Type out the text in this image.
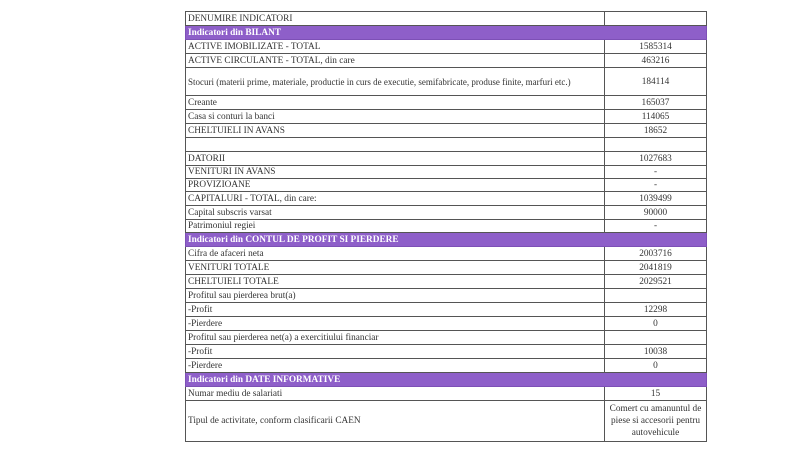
DENUMIRE INDICATORI	
Indicatori din BILANT	
ACTIVE IMOBILIZATE - TOTAL	1585314
ACTIVE CIRCULANTE - TOTAL, din care	463216
Stocuri (materii prime, materiale, productie in curs de executie, semifabricate, produse finite, marfuri etc.)	184114
Creante	165037
Casa si conturi la banci	114065
CHELTUIELI IN AVANS	18652

DATORII	1027683
VENITURI IN AVANS	-
PROVIZIOANE	-
CAPITALURI - TOTAL, din care:	1039499
Capital subscris varsat	90000
Patrimoniul regiei	-
Indicatori din CONTUL DE PROFIT SI PIERDERE	
Cifra de afaceri neta	2003716
VENITURI TOTALE	2041819
CHELTUIELI TOTALE	2029521
Profitul sau pierderea brut(a)	
-Profit	12298
-Pierdere	0
Profitul sau pierderea net(a) a exercitiului financiar	
-Profit	10038
-Pierdere	0
Indicatori din DATE INFORMATIVE	
Numar mediu de salariati	15
Tipul de activitate, conform clasificarii CAEN	Comert cu amanuntul de piese si accesorii pentru autovehicule
